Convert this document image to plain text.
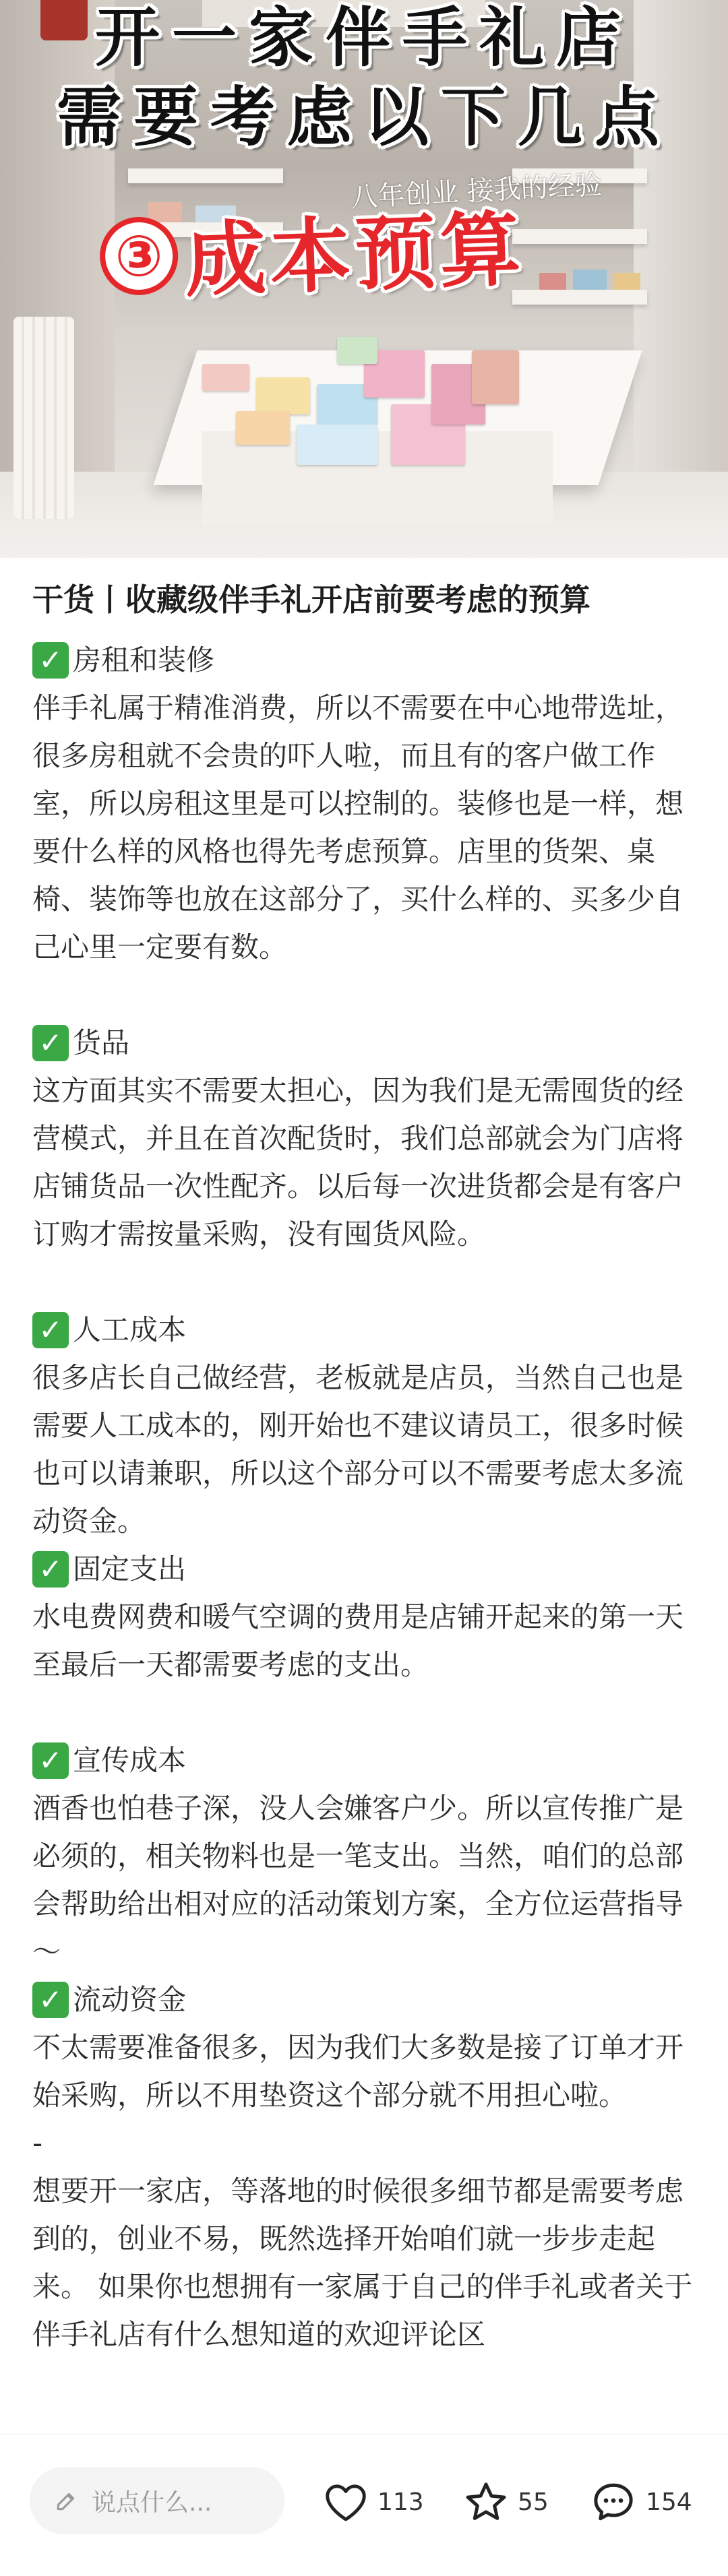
开一家伴手礼店
需要考虑以下几点
八年创业 接我的经验
③ 成本预算
干货丨收藏级伴手礼开店前要考虑的预算
✓ 房租和装修

伴手礼属于精准消费，所以不需要在中心地带选址，很多房租就不会贵的吓人啦，而且有的客户做工作室，所以房租这里是可以控制的。装修也是一样，想要什么样的风格也得先考虑预算。店里的货架、桌椅、装饰等也放在这部分了，买什么样的、买多少自己心里一定要有数。

✓ 货品

这方面其实不需要太担心，因为我们是无需囤货的经营模式，并且在首次配货时，我们总部就会为门店将店铺货品一次性配齐。以后每一次进货都会是有客户订购才需按量采购，没有囤货风险。

✓ 人工成本

很多店长自己做经营，老板就是店员，当然自己也是需要人工成本的，刚开始也不建议请员工，很多时候也可以请兼职，所以这个部分可以不需要考虑太多流动资金。

✓ 固定支出

水电费网费和暖气空调的费用是店铺开起来的第一天至最后一天都需要考虑的支出。

✓ 宣传成本

酒香也怕巷子深，没人会嫌客户少。所以宣传推广是必须的，相关物料也是一笔支出。当然，咱们的总部会帮助给出相对应的活动策划方案，全方位运营指导～

✓ 流动资金

不太需要准备很多，因为我们大多数是接了订单才开始采购，所以不用垫资这个部分就不用担心啦。

-

想要开一家店，等落地的时候很多细节都是需要考虑到的，创业不易，既然选择开始咱们就一步步走起来。 如果你也想拥有一家属于自己的伴手礼或者关于伴手礼店有什么想知道的欢迎评论区

说点什么...	113	55	154
